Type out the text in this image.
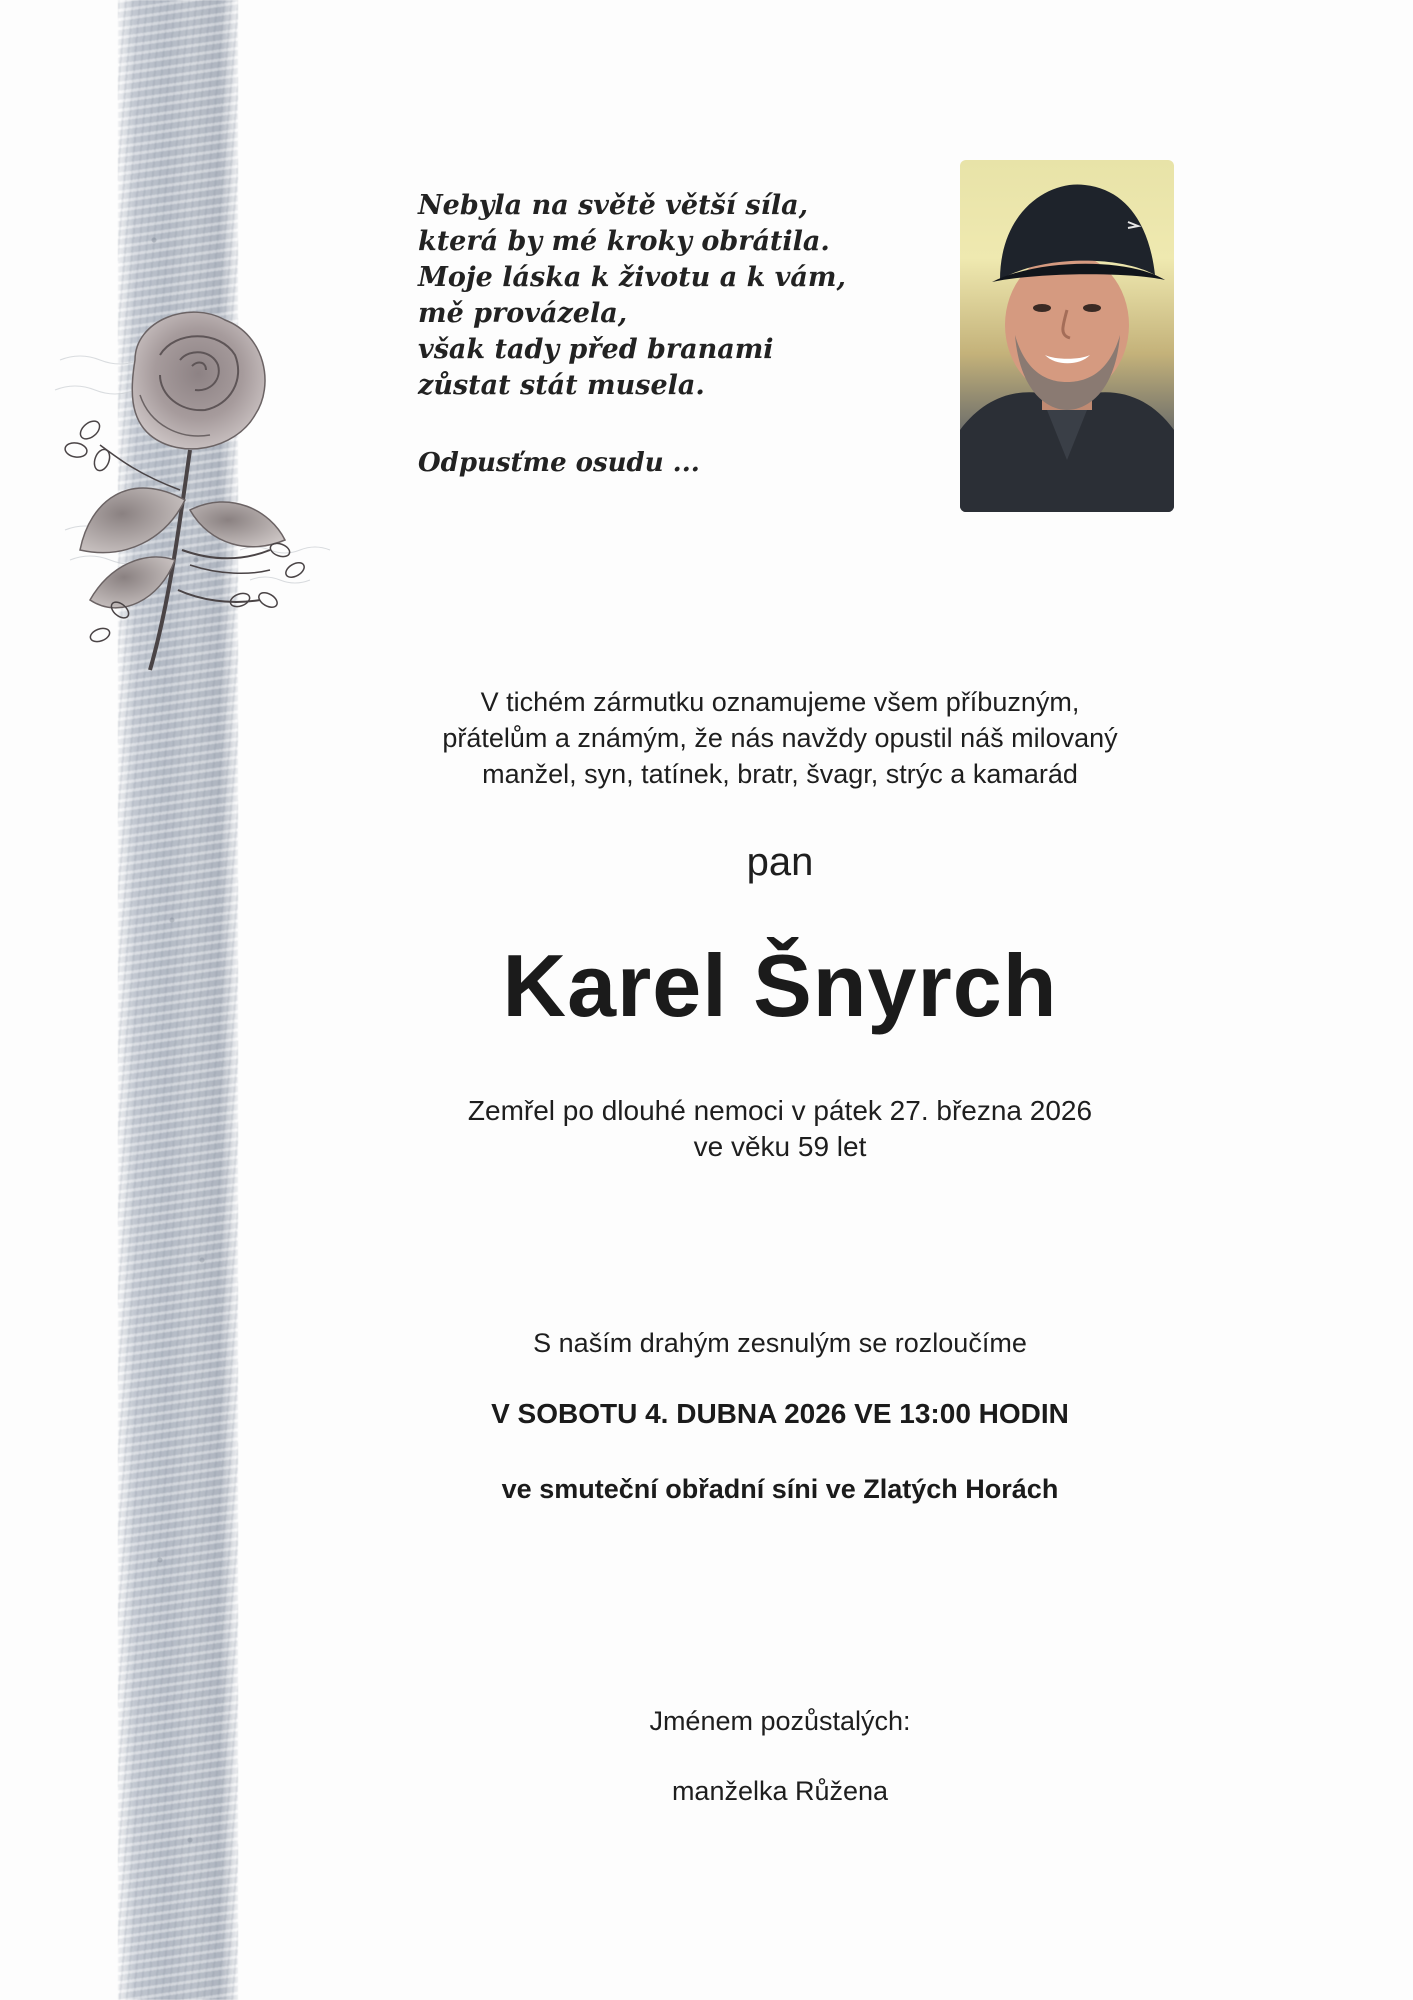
Nebyla na světě větší síla,
která by mé kroky obrátila.
Moje láska k životu a k vám,
mě provázela,
však tady před branami
zůstat stát musela.
Odpusťme osudu ...
V tichém zármutku oznamujeme všem příbuzným,
přátelům a známým, že nás navždy opustil náš milovaný
manžel, syn, tatínek, bratr, švagr, strýc a kamarád
pan
Karel Šnyrch
Zemřel po dlouhé nemoci v pátek 27. března 2026
ve věku 59 let
S naším drahým zesnulým se rozloučíme
V SOBOTU 4. DUBNA 2026 VE 13:00 HODIN
ve smuteční obřadní síni ve Zlatých Horách
Jménem pozůstalých:
manželka Růžena
